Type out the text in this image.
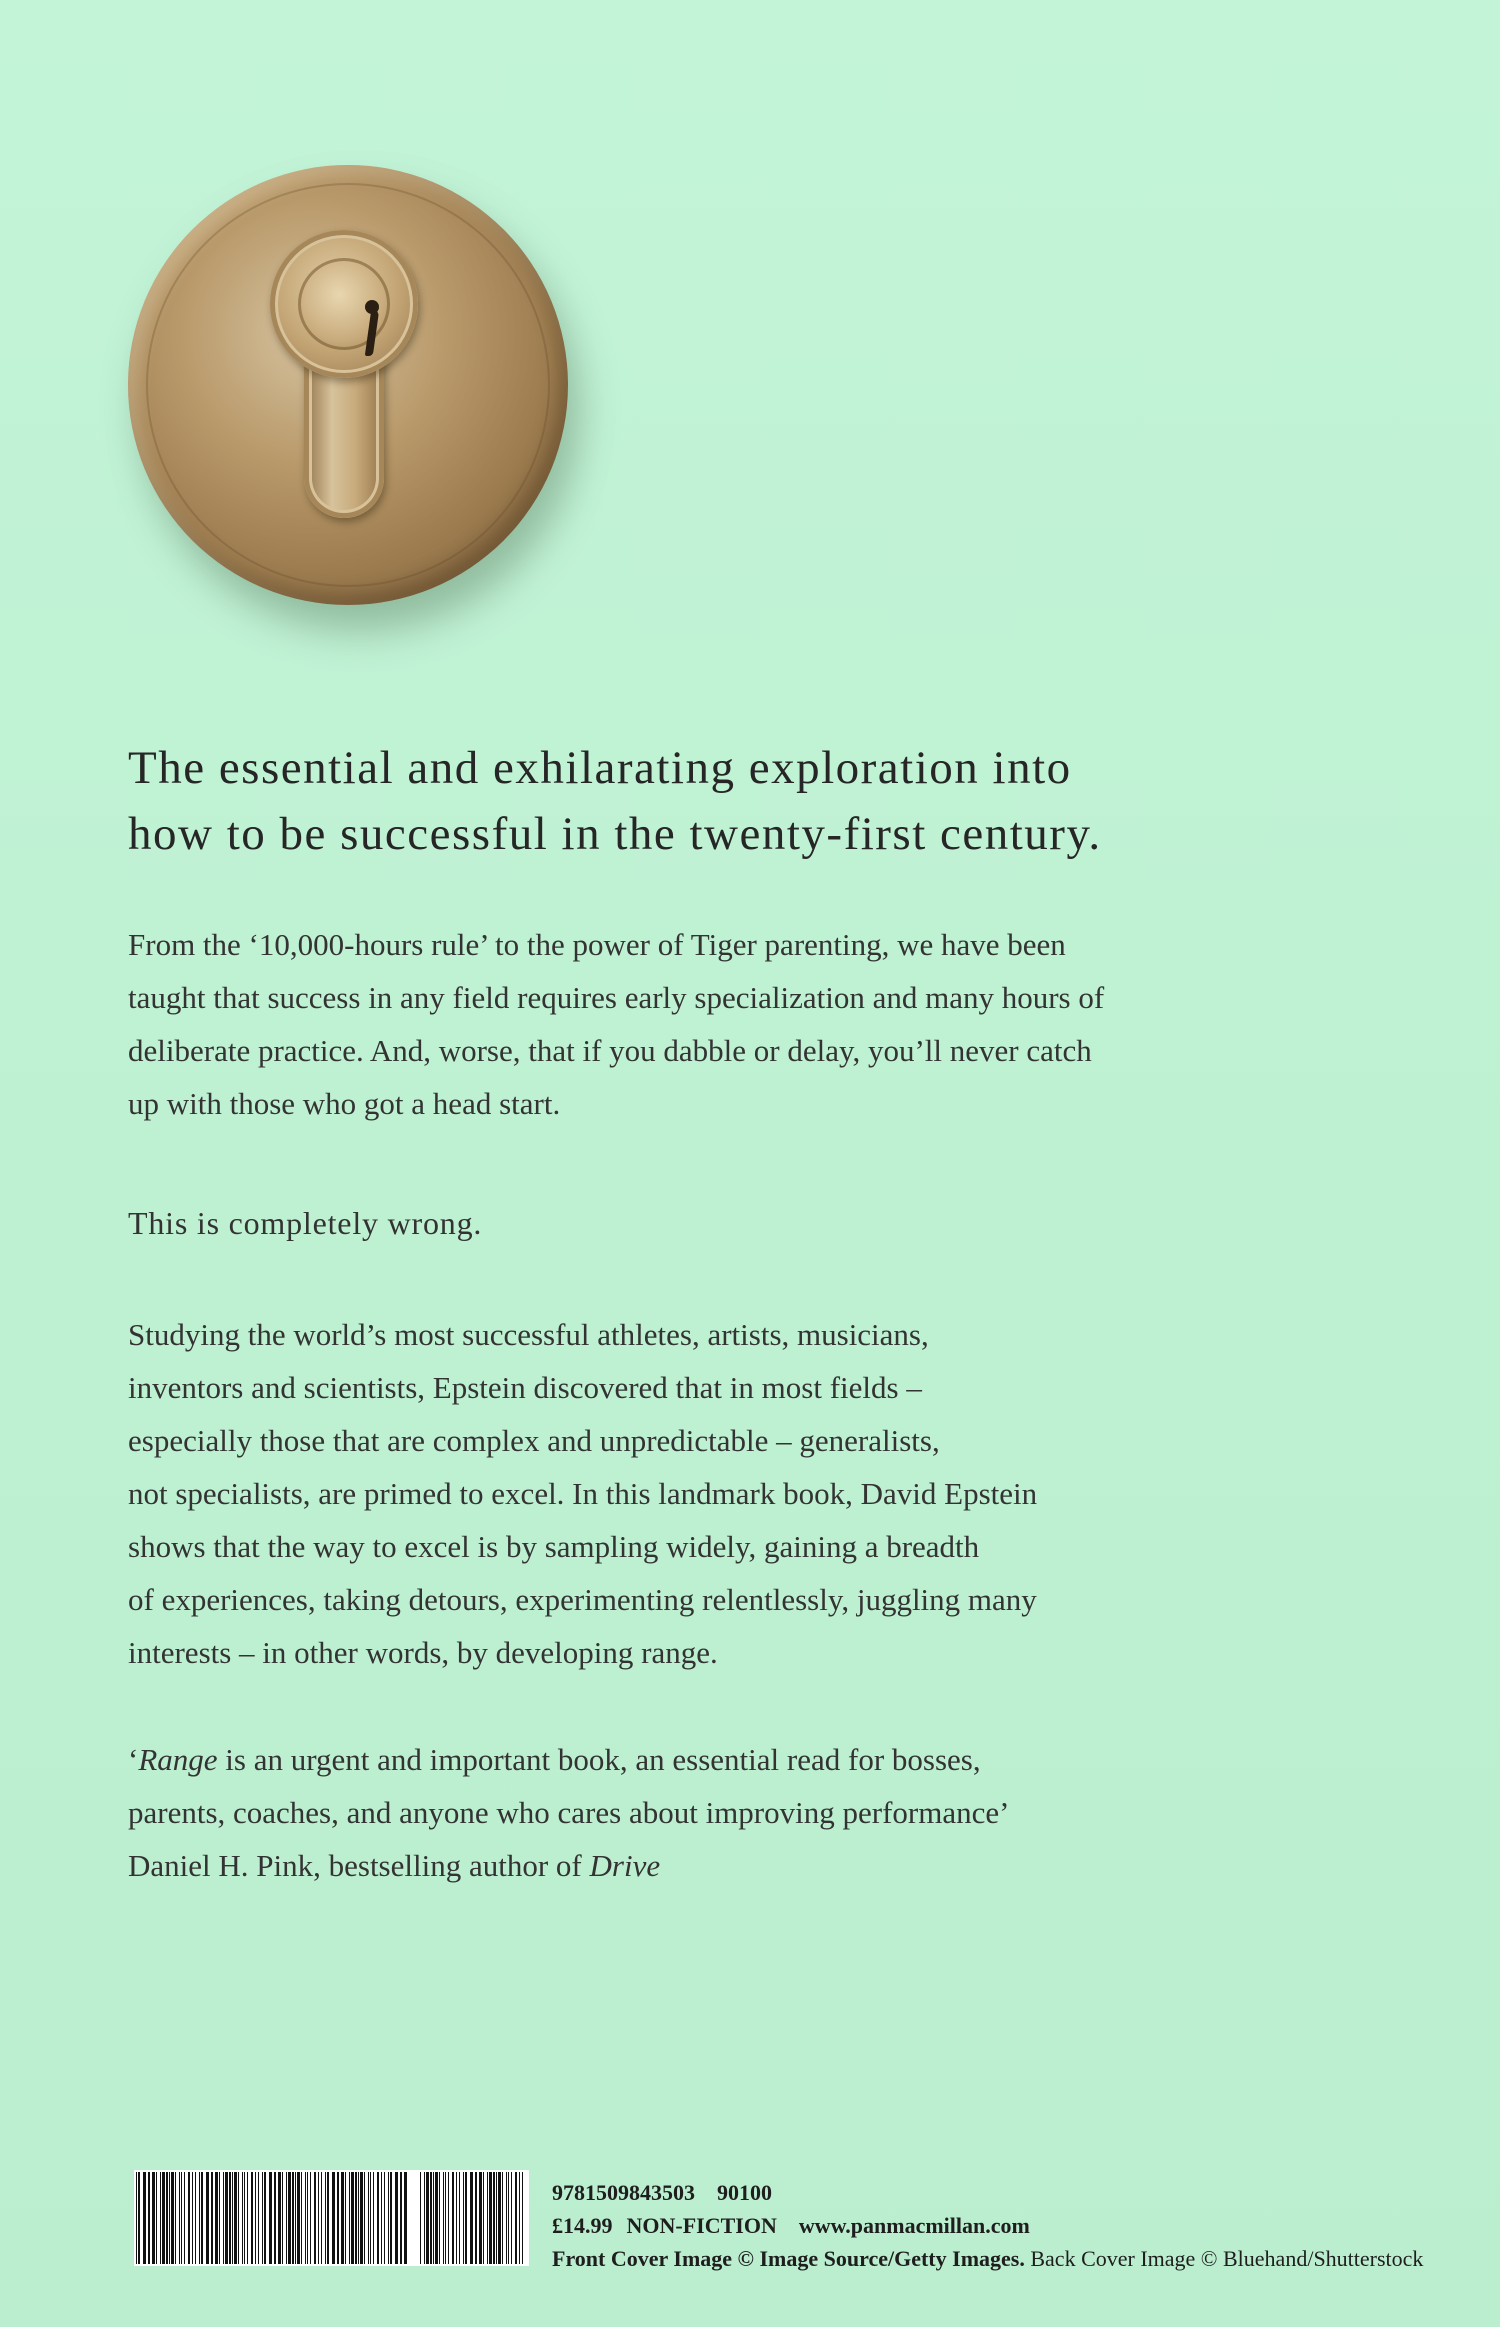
The essential and exhilarating exploration into
how to be successful in the twenty-first century.

From the ‘10,000-hours rule’ to the power of Tiger parenting, we have been
taught that success in any field requires early specialization and many hours of
deliberate practice. And, worse, that if you dabble or delay, you’ll never catch
up with those who got a head start.

This is completely wrong.

Studying the world’s most successful athletes, artists, musicians,
inventors and scientists, Epstein discovered that in most fields –
especially those that are complex and unpredictable – generalists,
not specialists, are primed to excel. In this landmark book, David Epstein
shows that the way to excel is by sampling widely, gaining a breadth
of experiences, taking detours, experimenting relentlessly, juggling many
interests – in other words, by developing range.

‘Range is an urgent and important book, an essential read for bosses,
parents, coaches, and anyone who cares about improving performance’
Daniel H. Pink, bestselling author of Drive

9781509843503 90100
£14.99 NON-FICTION www.panmacmillan.com
Front Cover Image © Image Source/Getty Images. Back Cover Image © Bluehand/Shutterstock
